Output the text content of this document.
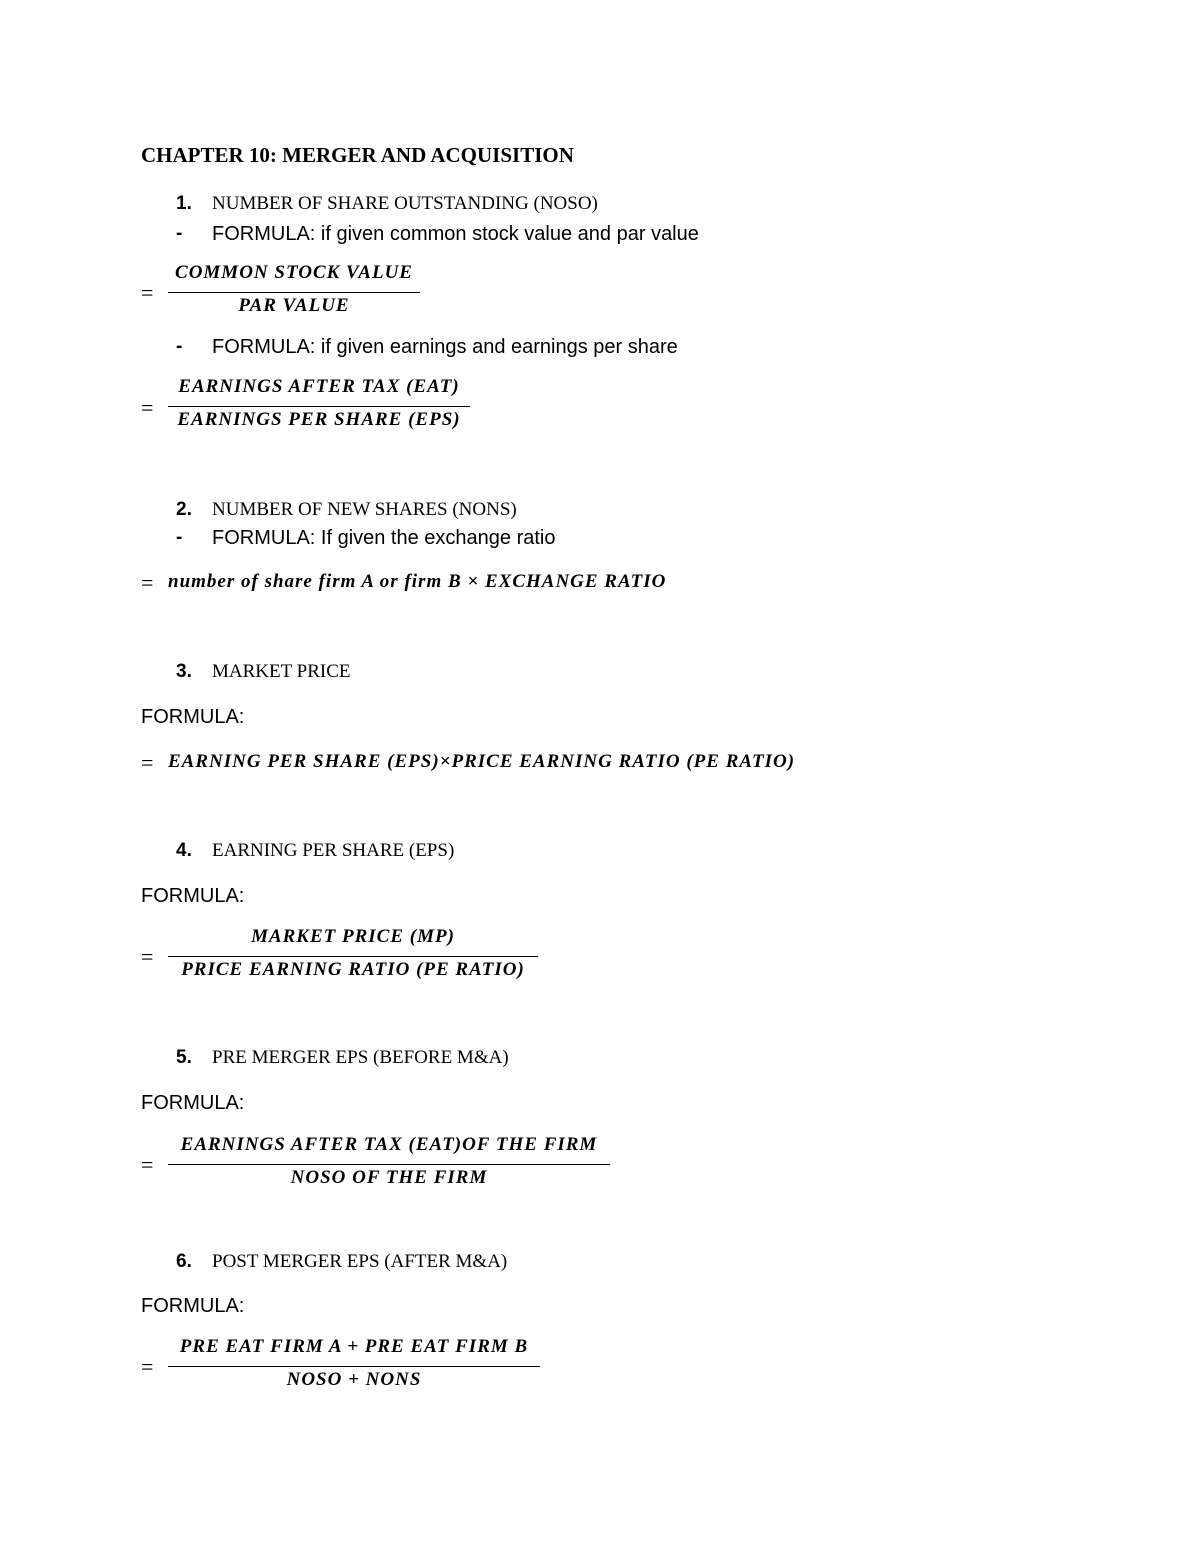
CHAPTER 10: MERGER AND ACQUISITION
1. NUMBER OF SHARE OUTSTANDING (NOSO)
- FORMULA: if given common stock value and par value
=
COMMON STOCK VALUE
PAR VALUE
- FORMULA: if given earnings and earnings per share
=
EARNINGS AFTER TAX (EAT)
EARNINGS PER SHARE (EPS)
2. NUMBER OF NEW SHARES (NONS)
- FORMULA: If given the exchange ratio
= number of share firm A or firm B × EXCHANGE RATIO
3. MARKET PRICE
FORMULA:
= EARNING PER SHARE (EPS)×PRICE EARNING RATIO (PE RATIO)
4. EARNING PER SHARE (EPS)
FORMULA:
=
MARKET PRICE (MP)
PRICE EARNING RATIO (PE RATIO)
5. PRE MERGER EPS (BEFORE M&A)
FORMULA:
=
EARNINGS AFTER TAX (EAT)OF THE FIRM
NOSO OF THE FIRM
6. POST MERGER EPS (AFTER M&A)
FORMULA:
=
PRE EAT FIRM A + PRE EAT FIRM B
NOSO + NONS
